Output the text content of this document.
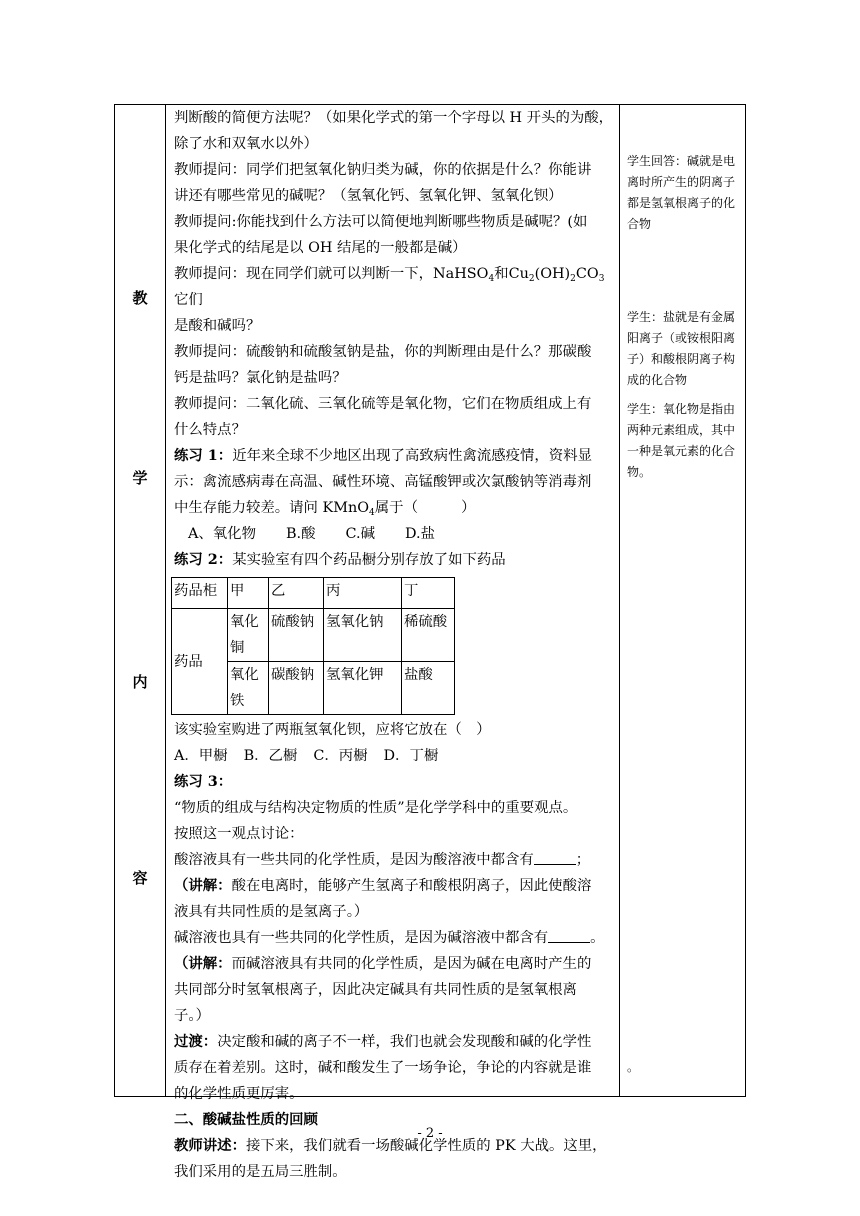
教
学
内
容

判断酸的简便方法呢？（如果化学式的第一个字母以 H 开头的为酸，

除了水和双氧水以外）

教师提问：同学们把氢氧化钠归类为碱，你的依据是什么？你能讲

讲还有哪些常见的碱呢？（氢氧化钙、氢氧化钾、氢氧化钡）

教师提问:你能找到什么方法可以简便地判断哪些物质是碱呢？(如

果化学式的结尾是以 OH 结尾的一般都是碱）

教师提问：现在同学们就可以判断一下，NaHSO$_4$和$Cu_2(OH)_2CO_3$它们

是酸和碱吗？

教师提问：硫酸钠和硫酸氢钠是盐，你的判断理由是什么？那碳酸

钙是盐吗？氯化钠是盐吗？

教师提问：二氧化硫、三氧化硫等是氧化物，它们在物质组成上有

什么特点？

练习 1：近年来全球不少地区出现了高致病性禽流感疫情，资料显

示：禽流感病毒在高温、碱性环境、高锰酸钾或次氯酸钠等消毒剂

中生存能力较差。请问 KMnO$_4$属于（　　　）

A、氧化物 B.酸 C.碱 D.盐

练习 2：某实验室有四个药品橱分别存放了如下药品

药品柜	甲	乙	丙	丁
药品	氧化铜	硫酸钠	氢氧化钠	稀硫酸
	氧化铁	碳酸钠	氢氧化钾	盐酸

该实验室购进了两瓶氢氧化钡，应将它放在（　）

A．甲橱 B．乙橱 C．丙橱 D．丁橱

练习 3：

“物质的组成与结构决定物质的性质”是化学学科中的重要观点。

按照这一观点讨论：

酸溶液具有一些共同的化学性质，是因为酸溶液中都含有	；

（讲解：酸在电离时，能够产生氢离子和酸根阴离子，因此使酸溶

液具有共同性质的是氢离子。）

碱溶液也具有一些共同的化学性质，是因为碱溶液中都含有	。

（讲解：而碱溶液具有共同的化学性质，是因为碱在电离时产生的

共同部分时氢氧根离子，因此决定碱具有共同性质的是氢氧根离

子。）

过渡：决定酸和碱的离子不一样，我们也就会发现酸和碱的化学性

质存在着差别。这时，碱和酸发生了一场争论，争论的内容就是谁

的化学性质更厉害。

二、酸碱盐性质的回顾

教师讲述：接下来，我们就看一场酸碱化学性质的 PK 大战。这里，

我们采用的是五局三胜制。

学生回答：碱就是电

离时所产生的阴离子

都是氢氧根离子的化

合物

学生：盐就是有金属

阳离子（或铵根阳离

子）和酸根阴离子构

成的化合物

学生：氧化物是指由

两种元素组成，其中

一种是氧元素的化合

物。

。

- 2 -
